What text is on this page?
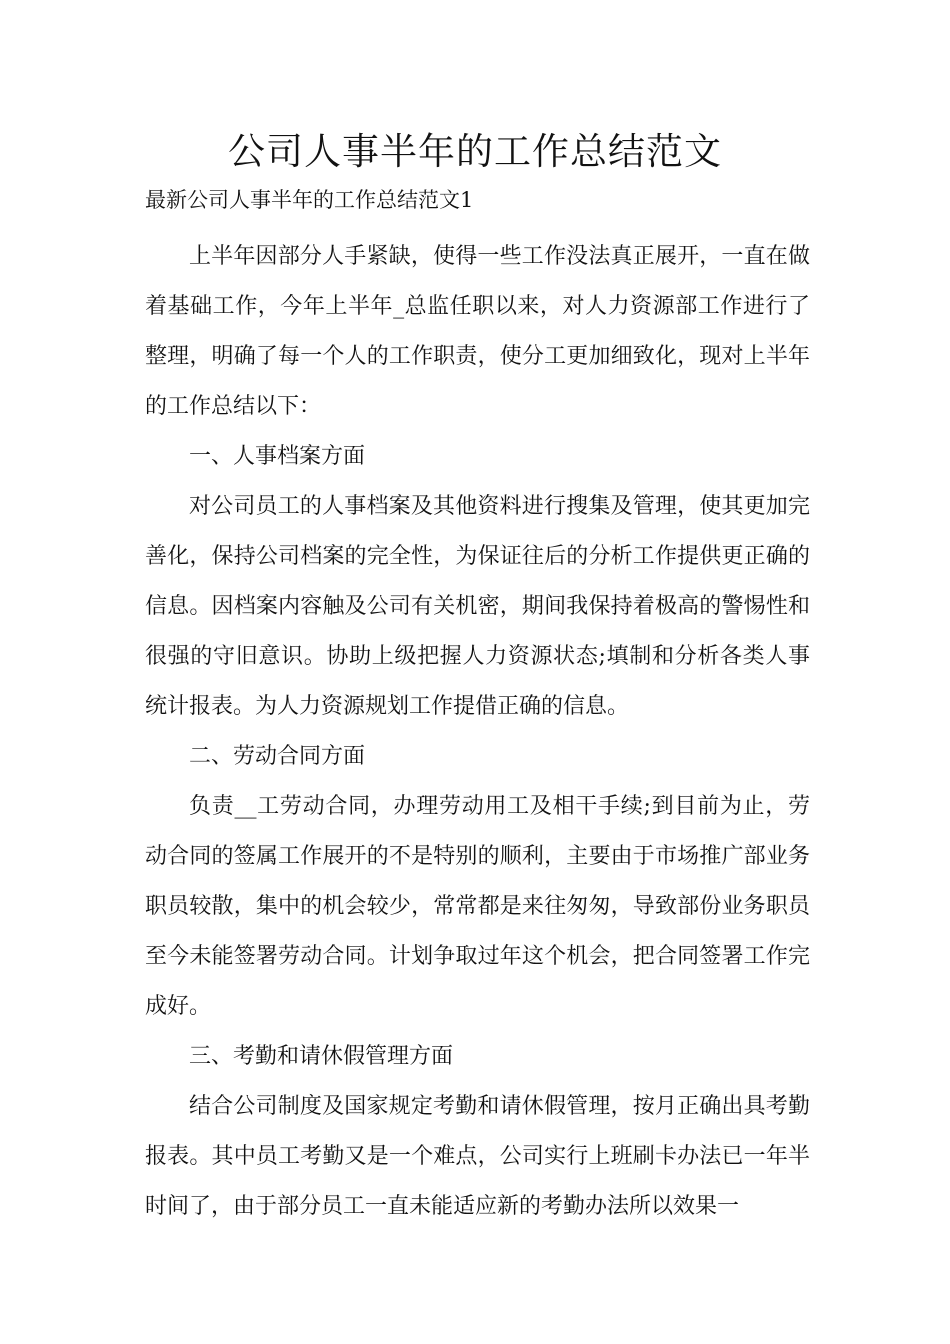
公司人事半年的工作总结范文

最新公司人事半年的工作总结范文1

上半年因部分人手紧缺，使得一些工作没法真正展开，一直在做着基础工作，今年上半年_总监任职以来，对人力资源部工作进行了整理，明确了每一个人的工作职责，使分工更加细致化，现对上半年的工作总结以下：

一、人事档案方面

对公司员工的人事档案及其他资料进行搜集及管理，使其更加完善化，保持公司档案的完全性，为保证往后的分析工作提供更正确的信息。因档案内容触及公司有关机密，期间我保持着极高的警惕性和很强的守旧意识。协助上级把握人力资源状态;填制和分析各类人事统计报表。为人力资源规划工作提借正确的信息。

二、劳动合同方面

负责__工劳动合同，办理劳动用工及相干手续;到目前为止，劳动合同的签属工作展开的不是特别的顺利，主要由于市场推广部业务职员较散，集中的机会较少，常常都是来往匆匆，导致部份业务职员至今未能签署劳动合同。计划争取过年这个机会，把合同签署工作完成好。

三、考勤和请休假管理方面

结合公司制度及国家规定考勤和请休假管理，按月正确出具考勤报表。其中员工考勤又是一个难点，公司实行上班刷卡办法已一年半时间了，由于部分员工一直未能适应新的考勤办法所以效果一
